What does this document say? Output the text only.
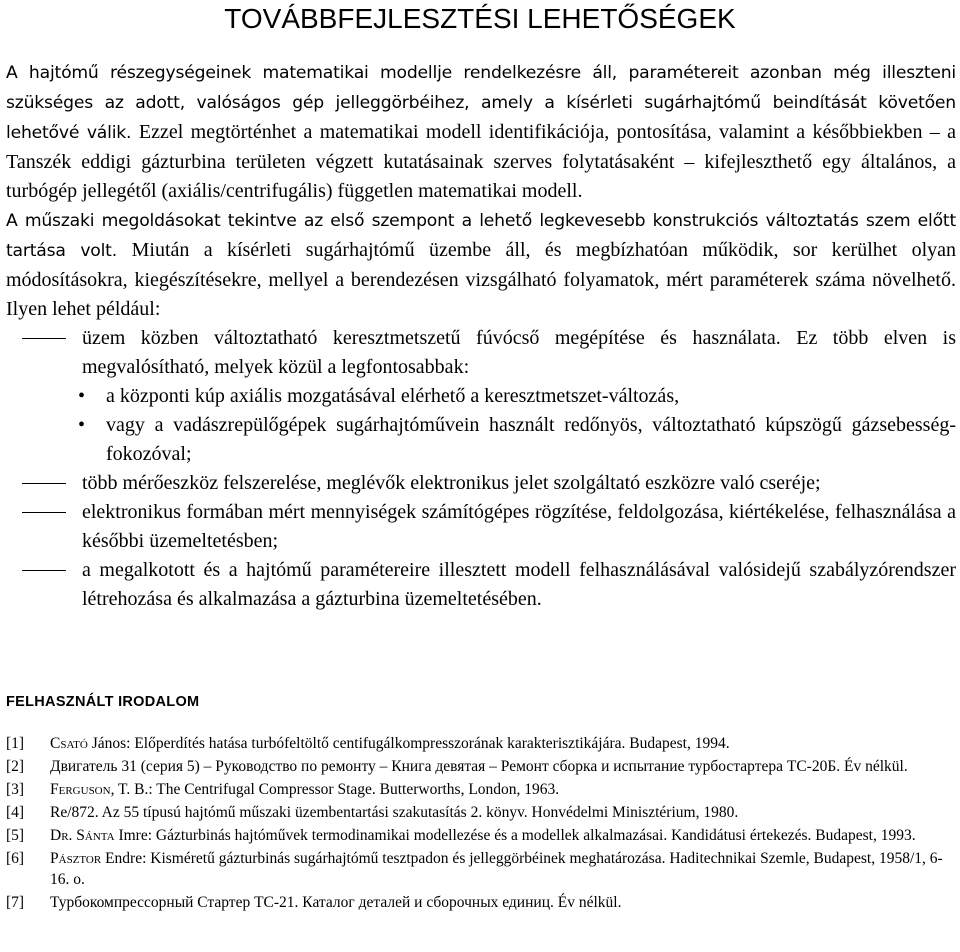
TOVÁBBFEJLESZTÉSI LEHETŐSÉGEK

A hajtómű részegységeinek matematikai modellje rendelkezésre áll, paramétereit azonban még illeszteni szükséges az adott, valóságos gép jelleggörbéihez, amely a kísérleti sugárhajtómű beindítását követően lehetővé válik. Ezzel megtörténhet a matematikai modell identifikációja, pontosítása, valamint a későbbiekben – a Tanszék eddigi gázturbina területen végzett kutatásainak szerves folytatásaként – kifejleszthető egy általános, a turbógép jellegétől (axiális/centrifugális) független matematikai modell.

A műszaki megoldásokat tekintve az első szempont a lehető legkevesebb konstrukciós változtatás szem előtt tartása volt. Miután a kísérleti sugárhajtómű üzembe áll, és megbízhatóan működik, sor kerülhet olyan módosításokra, kiegészítésekre, mellyel a berendezésen vizsgálható folyamatok, mért paraméterek száma növelhető. Ilyen lehet például:

üzem közben változtatható keresztmetszetű fúvócső megépítése és használata. Ez több elven is megvalósítható, melyek közül a legfontosabbak:
• a központi kúp axiális mozgatásával elérhető a keresztmetszet-változás,
• vagy a vadászrepülőgépek sugárhajtóművein használt redőnyös, változtatható kúpszögű gázsebesség-fokozóval;
több mérőeszköz felszerelése, meglévők elektronikus jelet szolgáltató eszközre való cseréje;
elektronikus formában mért mennyiségek számítógépes rögzítése, feldolgozása, kiértékelése, felhasználása a későbbi üzemeltetésben;
a megalkotott és a hajtómű paramétereire illesztett modell felhasználásával valósidejű szabályzórendszer létrehozása és alkalmazása a gázturbina üzemeltetésében.
FELHASZNÁLT IRODALOM
[1] Csató János: Előperdítés hatása turbófeltöltő centifugálkompresszorának karakterisztikájára. Budapest, 1994.
[2] Двигатель 31 (серия 5) – Руководство по ремонту – Книга девятая – Ремонт сборка и испытание турбостартера ТС-20Б. Év nélkül.
[3] Ferguson, T. B.: The Centrifugal Compressor Stage. Butterworths, London, 1963.
[4] Re/872. Az 55 típusú hajtómű műszaki üzembentartási szakutasítás 2. könyv. Honvédelmi Minisztérium, 1980.
[5] Dr. Sánta Imre: Gázturbinás hajtóművek termodinamikai modellezése és a modellek alkalmazásai. Kandidátusi értekezés. Budapest, 1993.
[6] Pásztor Endre: Kisméretű gázturbinás sugárhajtómű tesztpadon és jelleggörbéinek meghatározása. Haditechnikai Szemle, Budapest, 1958/1, 6-16. o.
[7] Турбокомпрессорный Стартер ТС-21. Каталог деталей и сборочных единиц. Év nélkül.
